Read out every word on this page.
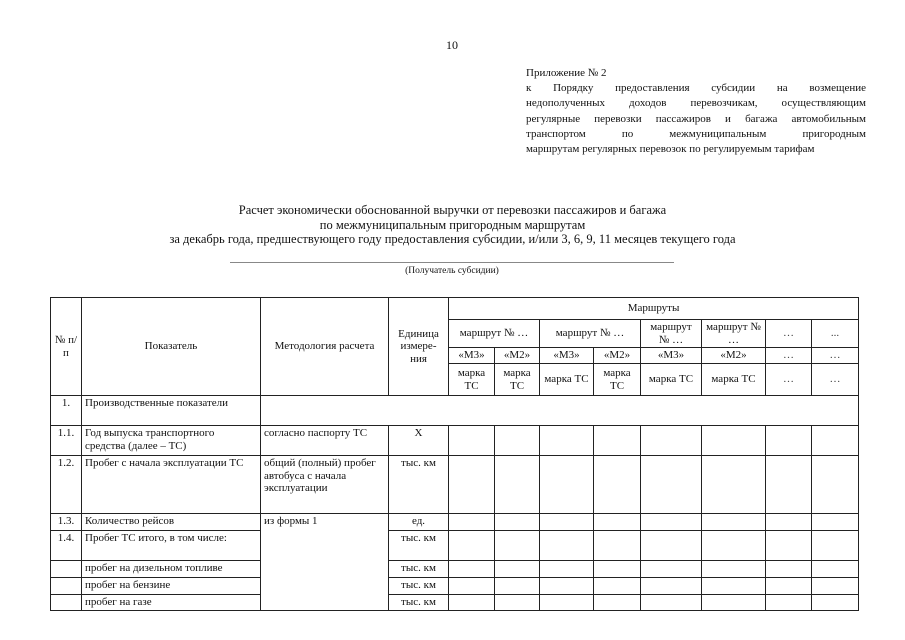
10
Приложение № 2
к Порядку предоставления субсидии на возмещение
недополученных доходов перевозчикам, осуществляющим
регулярные перевозки пассажиров и багажа автомобильным
транспортом по межмуниципальным пригородным
маршрутам регулярных перевозок по регулируемым тарифам
Расчет экономически обоснованной выручки от перевозки пассажиров и багажа
по межмуниципальным пригородным маршрутам
за декабрь года, предшествующего году предоставления субсидии, и/или 3, 6, 9, 11 месяцев текущего года
(Получатель субсидии)
№ п/п	Показатель	Методология расчета	Единица измере- ния	Маршруты							
				маршрут № …		маршрут № …		маршрут № …	маршрут № …	…	...
				«М3»	«М2»	«М3»	«М2»	«М3»	«М2»	…	…
				марка ТС	марка ТС	марка ТС	марка ТС	марка ТС	марка ТС	…	…
1.	Производственные показатели										
1.1.	Год выпуска транспортного средства (далее – ТС)	согласно паспорту ТС	Х								
1.2.	Пробег с начала эксплуатации ТС	общий (полный) пробег автобуса с начала эксплуатации	тыс. км								
1.3.	Количество рейсов	из формы 1	ед.								
1.4.	Пробег ТС итого, в том числе:		тыс. км								
	пробег на дизельном топливе		тыс. км								
	пробег на бензине		тыс. км								
	пробег на газе		тыс. км								
